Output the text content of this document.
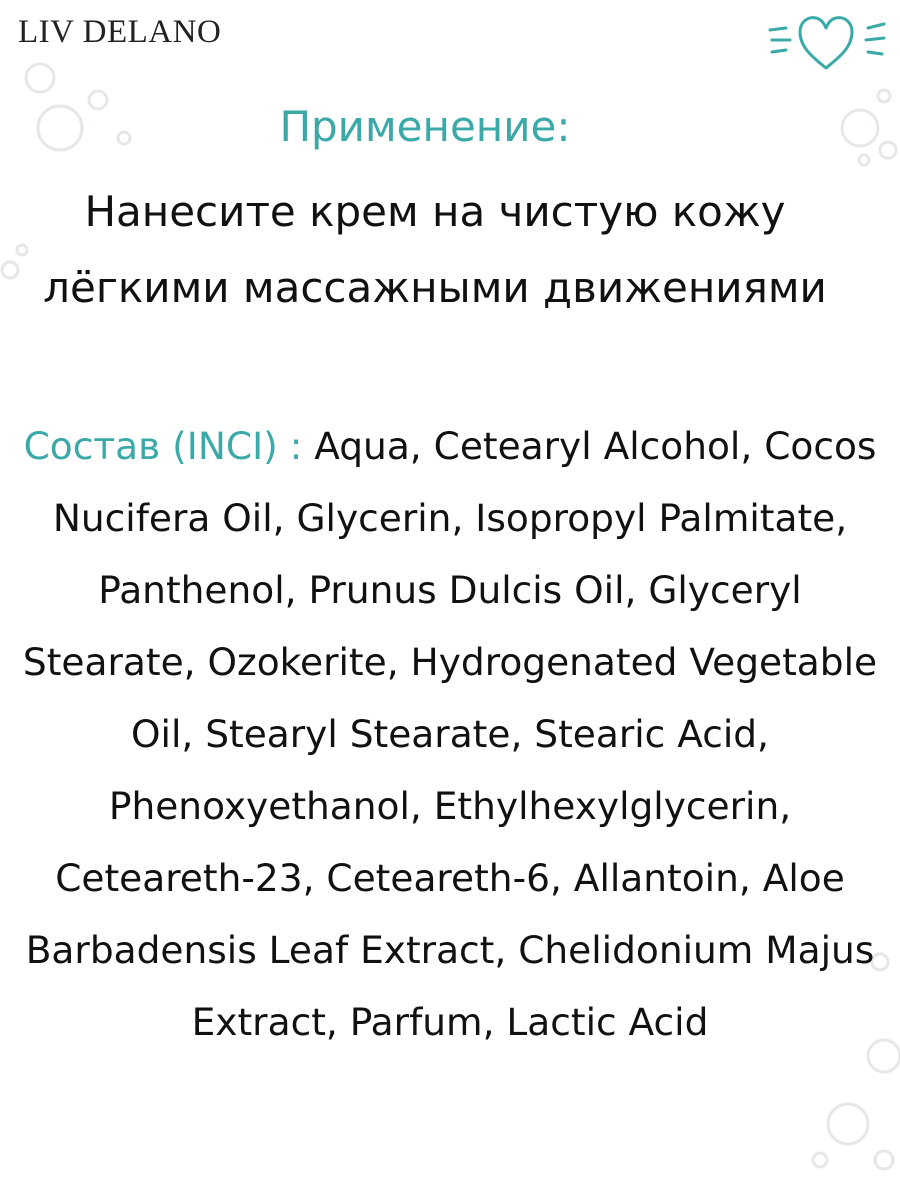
LIV DELANO
Применение:
Нанесите крем на чистую кожу лёгкими массажными движениями
Состав (INCI) : Aqua, Cetearyl Alcohol, Cocos Nucifera Oil, Glycerin, Isopropyl Palmitate, Panthenol, Prunus Dulcis Oil, Glyceryl Stearate, Ozokerite, Hydrogenated Vegetable Oil, Stearyl Stearate, Stearic Acid, Phenoxyethanol, Ethylhexylglycerin, Ceteareth-23, Ceteareth-6, Allantoin, Aloe Barbadensis Leaf Extract, Chelidonium Majus Extract, Parfum, Lactic Acid
